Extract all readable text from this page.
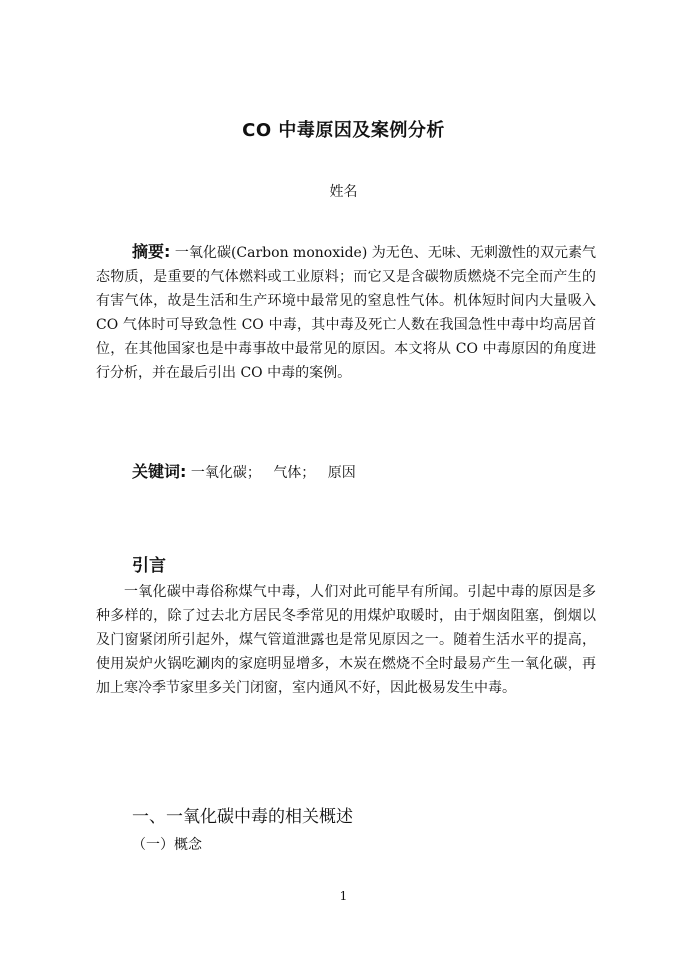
CO 中毒原因及案例分析
姓名

摘要: 一氧化碳(Carbon monoxide) 为无色、无味、无刺激性的双元素气态物质，是重要的气体燃料或工业原料；而它又是含碳物质燃烧不完全而产生的有害气体，故是生活和生产环境中最常见的窒息性气体。机体短时间内大量吸入 CO 气体时可导致急性 CO 中毒，其中毒及死亡人数在我国急性中毒中均高居首位，在其他国家也是中毒事故中最常见的原因。本文将从 CO 中毒原因的角度进行分析，并在最后引出 CO 中毒的案例。

关键词: 一氧化碳； 气体； 原因
引言

一氧化碳中毒俗称煤气中毒，人们对此可能早有所闻。引起中毒的原因是多种多样的，除了过去北方居民冬季常见的用煤炉取暖时，由于烟囱阻塞，倒烟以及门窗紧闭所引起外，煤气管道泄露也是常见原因之一。随着生活水平的提高，使用炭炉火锅吃涮肉的家庭明显增多，木炭在燃烧不全时最易产生一氧化碳，再加上寒冷季节家里多关门闭窗，室内通风不好，因此极易发生中毒。

一、一氧化碳中毒的相关概述
（一）概念
1
